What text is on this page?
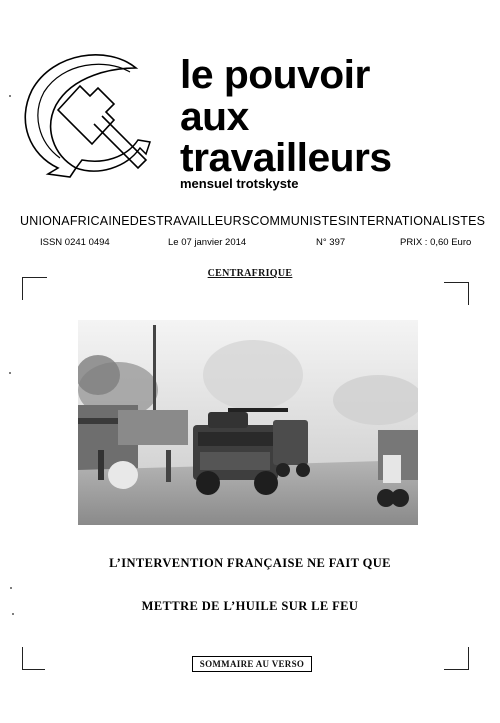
le pouvoir
aux
travailleurs
mensuel trotskyste
UNION AFRICAINE DES TRAVAILLEURS COMMUNISTES INTERNATIONALISTES
ISSN 0241 0494	Le 07 janvier 2014	N° 397	PRIX : 0,60 Euro
CENTRAFRIQUE
L’INTERVENTION FRANÇAISE NE FAIT QUE
METTRE DE L’HUILE SUR LE FEU
SOMMAIRE AU VERSO
